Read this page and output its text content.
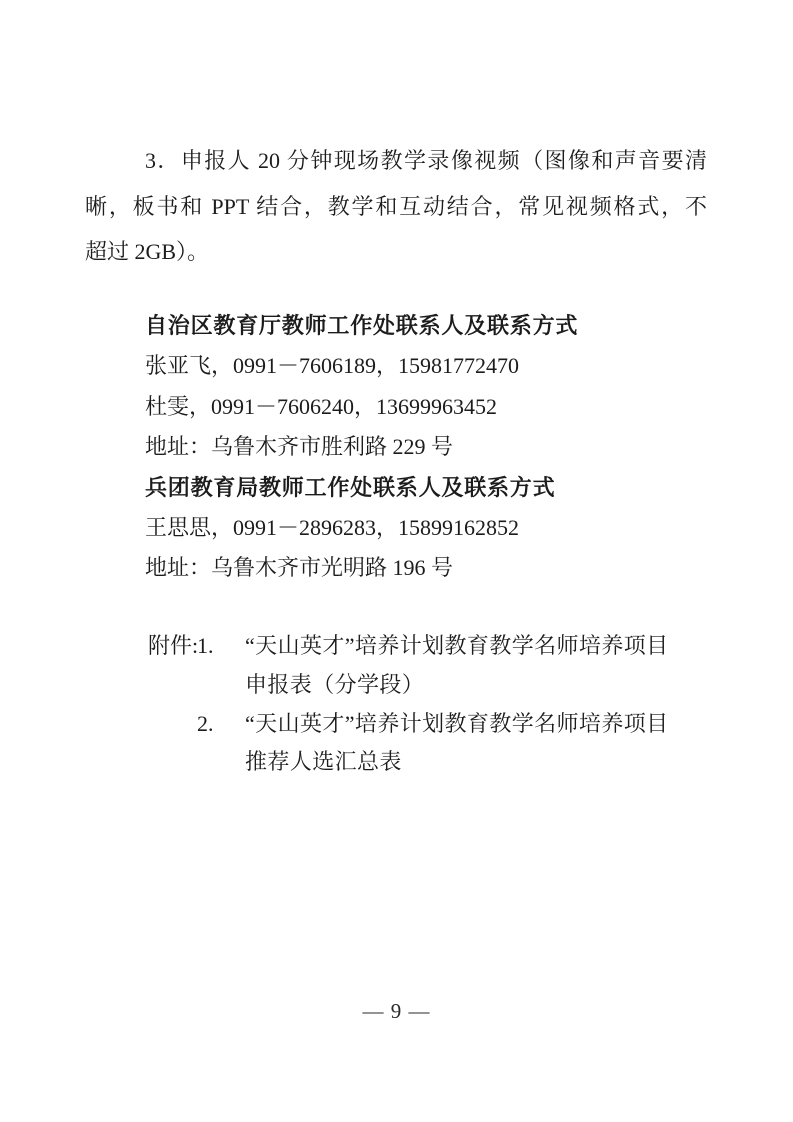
3．申报人 20 分钟现场教学录像视频（图像和声音要清
晰，板书和 PPT 结合，教学和互动结合，常见视频格式，不
超过 2GB）。
自治区教育厅教师工作处联系人及联系方式
张亚飞，0991－7606189，15981772470
杜雯，0991－7606240，13699963452
地址：乌鲁木齐市胜利路 229 号
兵团教育局教师工作处联系人及联系方式
王思思，0991－2896283，15899162852
地址：乌鲁木齐市光明路 196 号
附件:
1.	“天山英才”培养计划教育教学名师培养项目
申报表（分学段）
2.	“天山英才”培养计划教育教学名师培养项目
推荐人选汇总表
— 9 —
